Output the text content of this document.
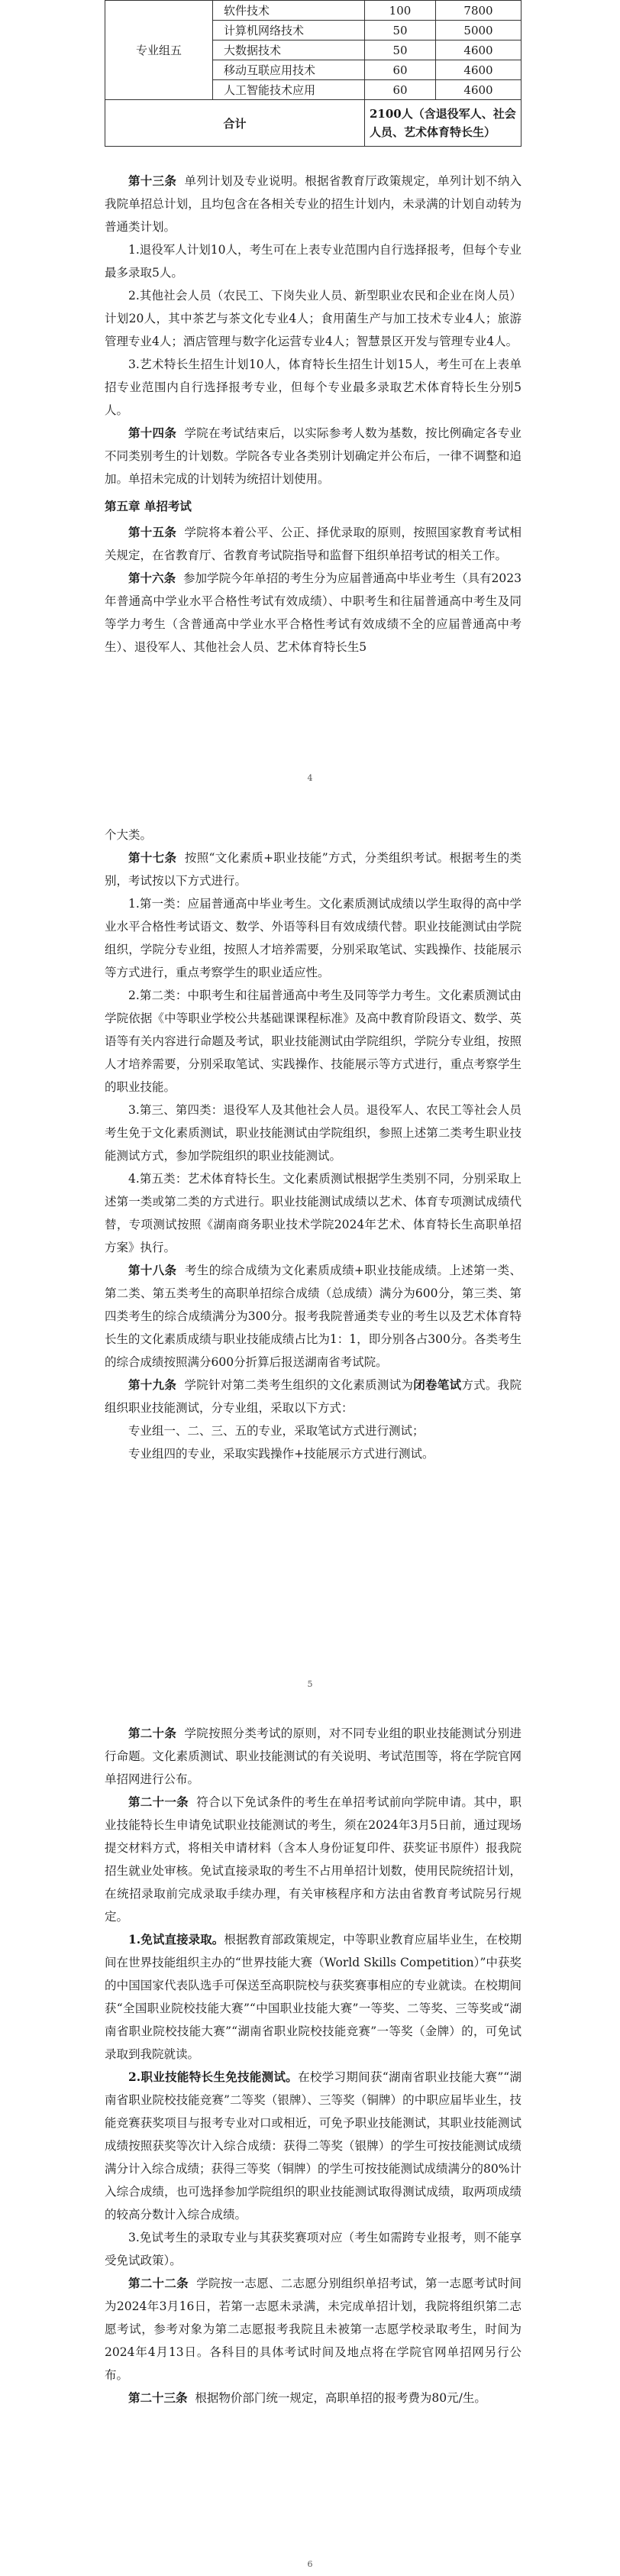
专业组五	软件技术	100	7800
	计算机网络技术	50	5000
	大数据技术	50	4600
	移动互联应用技术	60	4600
	人工智能技术应用	60	4600
合计		2100人（含退役军人、社会人员、艺术体育特长生）	

第十三条 单列计划及专业说明。根据省教育厅政策规定，单列计划不纳入我院单招总计划，且均包含在各相关专业的招生计划内，未录满的计划自动转为普通类计划。

1.退役军人计划10人，考生可在上表专业范围内自行选择报考，但每个专业最多录取5人。

2.其他社会人员（农民工、下岗失业人员、新型职业农民和企业在岗人员）计划20人，其中茶艺与茶文化专业4人；食用菌生产与加工技术专业4人；旅游管理专业4人；酒店管理与数字化运营专业4人；智慧景区开发与管理专业4人。

3.艺术特长生招生计划10人，体育特长生招生计划15人，考生可在上表单招专业范围内自行选择报考专业，但每个专业最多录取艺术体育特长生分别5人。

第十四条 学院在考试结束后，以实际参考人数为基数，按比例确定各专业不同类别考生的计划数。学院各专业各类别计划确定并公布后，一律不调整和追加。单招未完成的计划转为统招计划使用。

第五章 单招考试

第十五条 学院将本着公平、公正、择优录取的原则，按照国家教育考试相关规定，在省教育厅、省教育考试院指导和监督下组织单招考试的相关工作。

第十六条 参加学院今年单招的考生分为应届普通高中毕业考生（具有2023年普通高中学业水平合格性考试有效成绩）、中职考生和往届普通高中考生及同等学力考生（含普通高中学业水平合格性考试有效成绩不全的应届普通高中考生）、退役军人、其他社会人员、艺术体育特长生5

4

个大类。

第十七条 按照“文化素质+职业技能”方式，分类组织考试。根据考生的类别，考试按以下方式进行。

1.第一类：应届普通高中毕业考生。文化素质测试成绩以学生取得的高中学业水平合格性考试语文、数学、外语等科目有效成绩代替。职业技能测试由学院组织，学院分专业组，按照人才培养需要，分别采取笔试、实践操作、技能展示等方式进行，重点考察学生的职业适应性。

2.第二类：中职考生和往届普通高中考生及同等学力考生。文化素质测试由学院依据《中等职业学校公共基础课课程标准》及高中教育阶段语文、数学、英语等有关内容进行命题及考试，职业技能测试由学院组织，学院分专业组，按照人才培养需要，分别采取笔试、实践操作、技能展示等方式进行，重点考察学生的职业技能。

3.第三、第四类：退役军人及其他社会人员。退役军人、农民工等社会人员考生免于文化素质测试，职业技能测试由学院组织，参照上述第二类考生职业技能测试方式，参加学院组织的职业技能测试。

4.第五类：艺术体育特长生。文化素质测试根据学生类别不同，分别采取上述第一类或第二类的方式进行。职业技能测试成绩以艺术、体育专项测试成绩代替，专项测试按照《湖南商务职业技术学院2024年艺术、体育特长生高职单招方案》执行。

第十八条 考生的综合成绩为文化素质成绩+职业技能成绩。上述第一类、第二类、第五类考生的高职单招综合成绩（总成绩）满分为600分，第三类、第四类考生的综合成绩满分为300分。报考我院普通类专业的考生以及艺术体育特长生的文化素质成绩与职业技能成绩占比为1：1，即分别各占300分。各类考生的综合成绩按照满分600分折算后报送湖南省考试院。

第十九条 学院针对第二类考生组织的文化素质测试为闭卷笔试方式。我院组织职业技能测试，分专业组，采取以下方式：

专业组一、二、三、五的专业，采取笔试方式进行测试；

专业组四的专业，采取实践操作+技能展示方式进行测试。

5

第二十条 学院按照分类考试的原则，对不同专业组的职业技能测试分别进行命题。文化素质测试、职业技能测试的有关说明、考试范围等，将在学院官网单招网进行公布。

第二十一条 符合以下免试条件的考生在单招考试前向学院申请。其中，职业技能特长生申请免试职业技能测试的考生，须在2024年3月5日前，通过现场提交材料方式，将相关申请材料（含本人身份证复印件、获奖证书原件）报我院招生就业处审核。免试直接录取的考生不占用单招计划数，使用民院统招计划，在统招录取前完成录取手续办理，有关审核程序和方法由省教育考试院另行规定。

1.免试直接录取。根据教育部政策规定，中等职业教育应届毕业生，在校期间在世界技能组织主办的“世界技能大赛（World Skills Competition）”中获奖的中国国家代表队选手可保送至高职院校与获奖赛事相应的专业就读。在校期间获“全国职业院校技能大赛”“中国职业技能大赛”一等奖、二等奖、三等奖或“湖南省职业院校技能大赛”“湖南省职业院校技能竞赛”一等奖（金牌）的，可免试录取到我院就读。

2.职业技能特长生免技能测试。在校学习期间获“湖南省职业技能大赛”“湖南省职业院校技能竞赛”二等奖（银牌）、三等奖（铜牌）的中职应届毕业生，技能竞赛获奖项目与报考专业对口或相近，可免予职业技能测试，其职业技能测试成绩按照获奖等次计入综合成绩：获得二等奖（银牌）的学生可按技能测试成绩满分计入综合成绩；获得三等奖（铜牌）的学生可按技能测试成绩满分的80%计入综合成绩，也可选择参加学院组织的职业技能测试取得测试成绩，取两项成绩的较高分数计入综合成绩。

3.免试考生的录取专业与其获奖赛项对应（考生如需跨专业报考，则不能享受免试政策）。

第二十二条 学院按一志愿、二志愿分别组织单招考试，第一志愿考试时间为2024年3月16日，若第一志愿未录满，未完成单招计划，我院将组织第二志愿考试，参考对象为第二志愿报考我院且未被第一志愿学校录取考生，时间为2024年4月13日。各科目的具体考试时间及地点将在学院官网单招网另行公布。

第二十三条 根据物价部门统一规定，高职单招的报考费为80元/生。

6
